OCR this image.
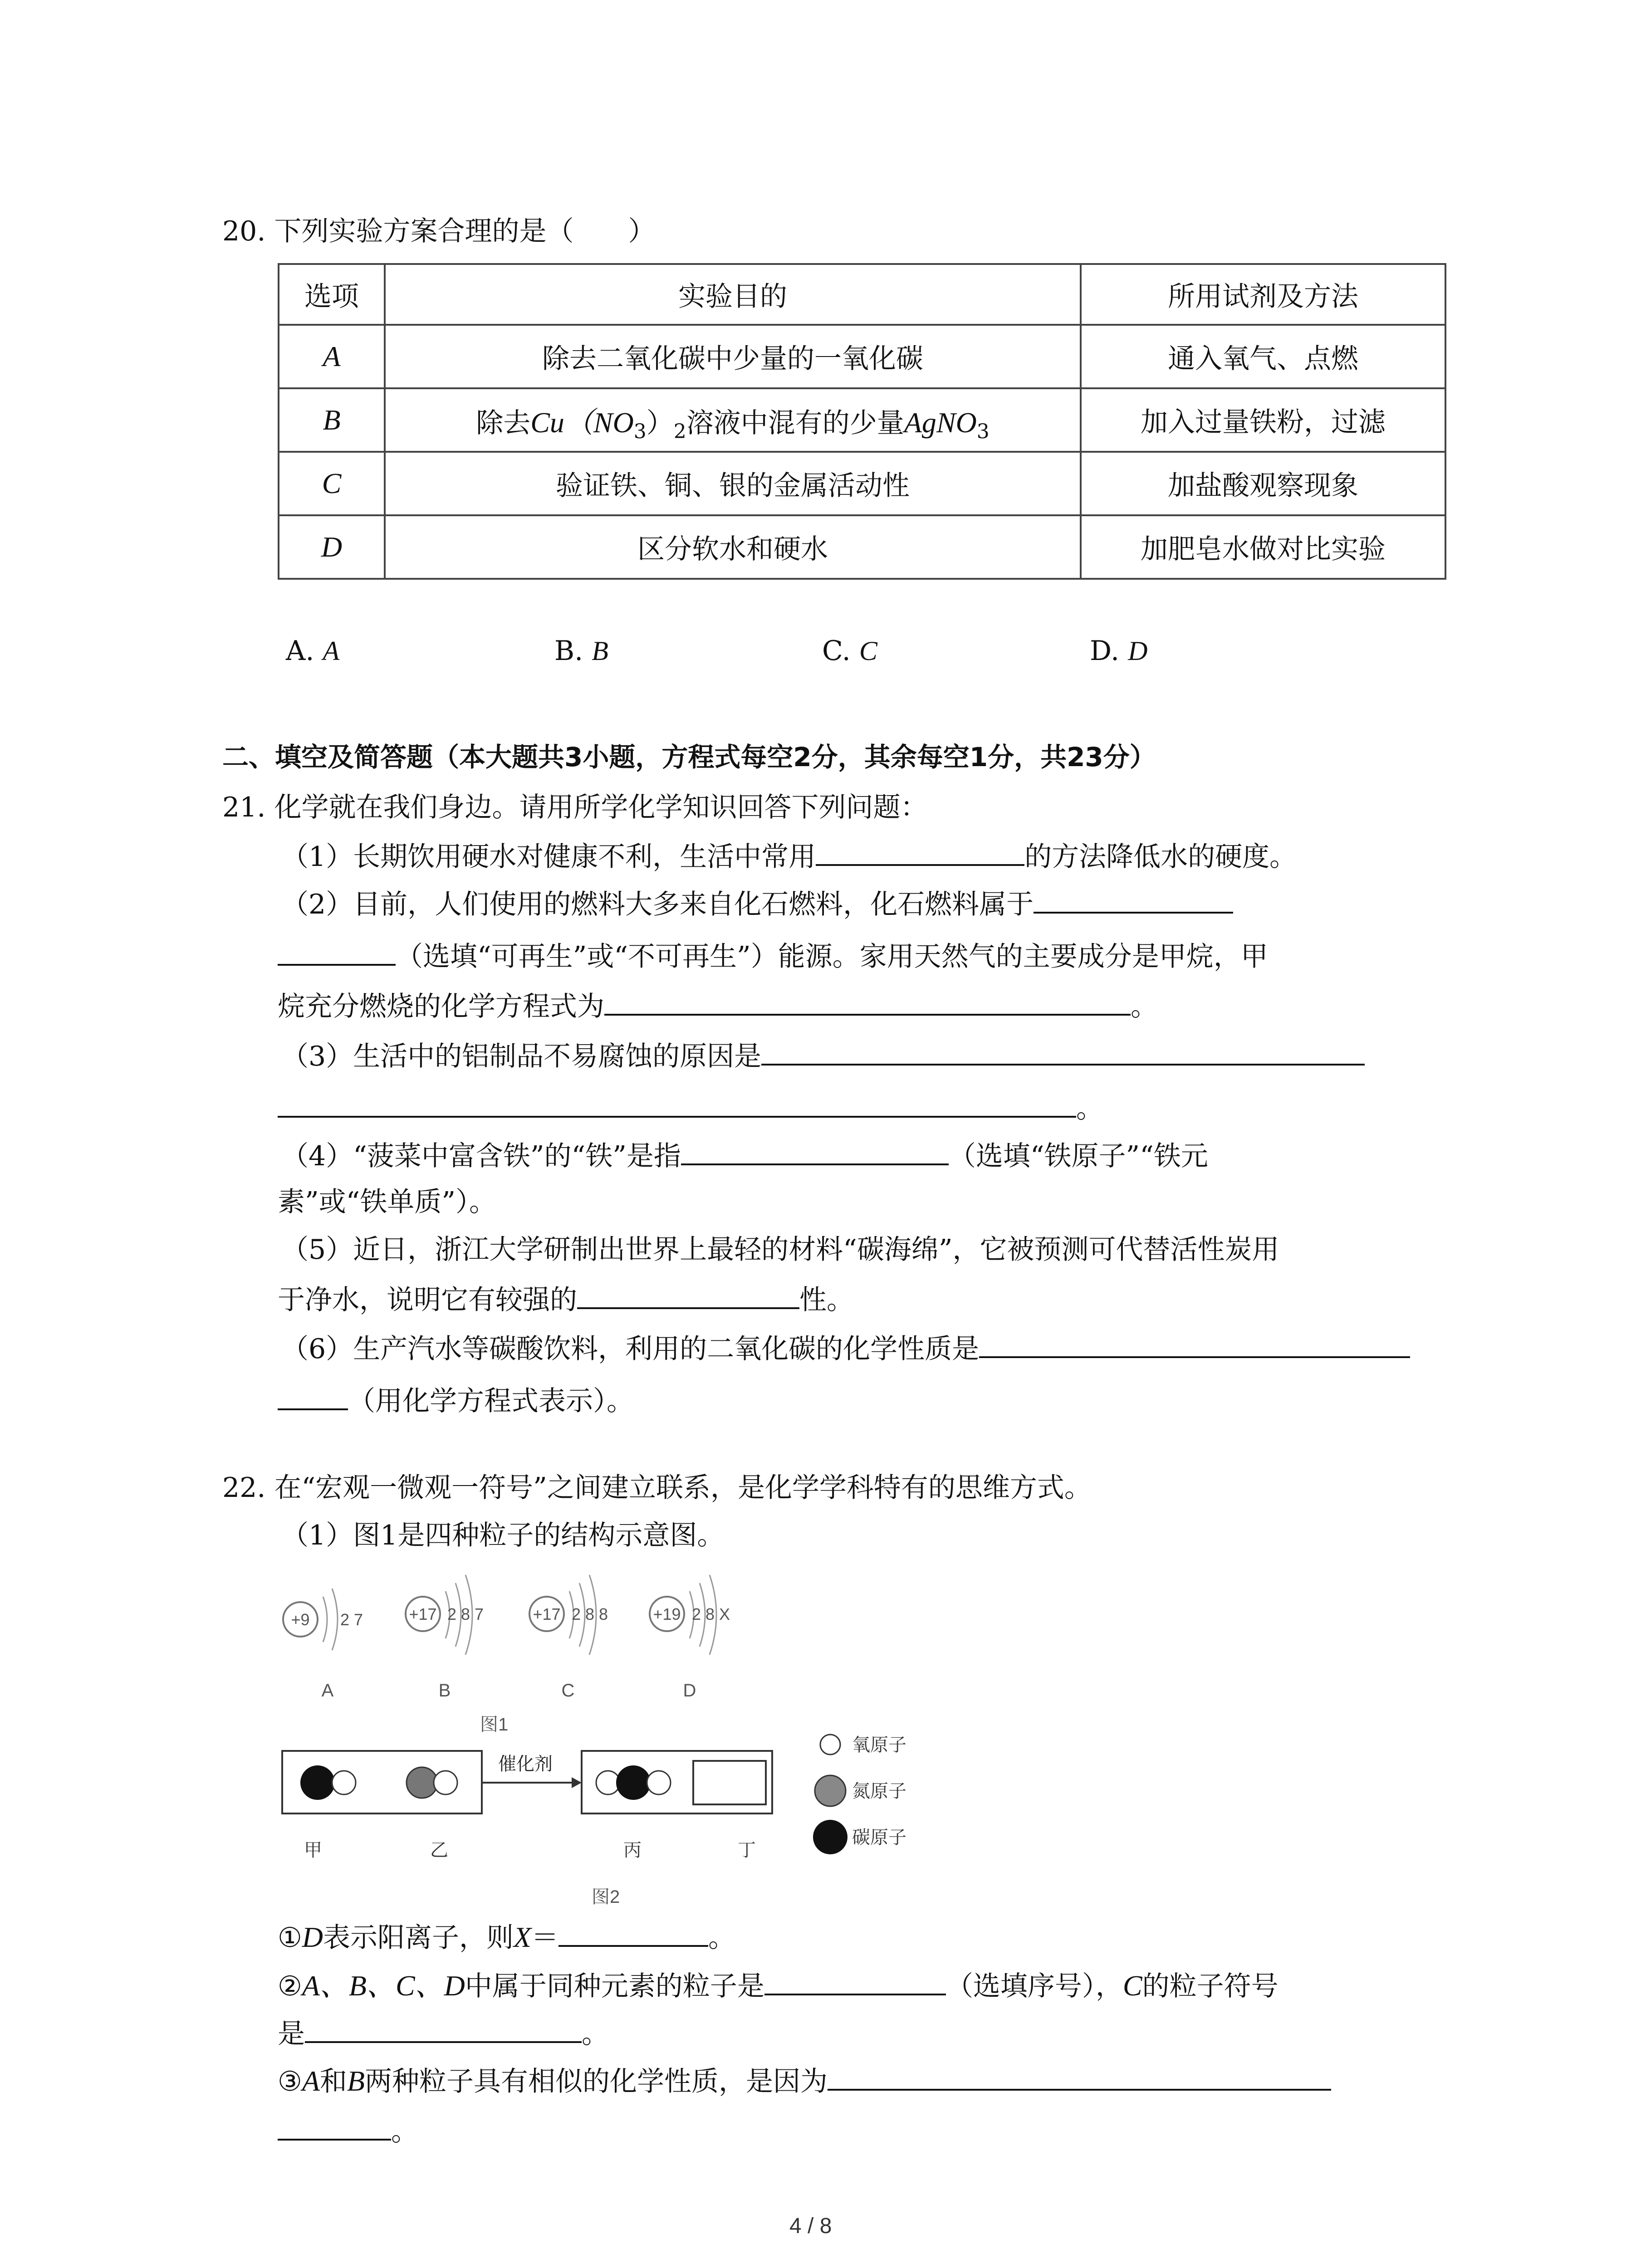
20. 下列实验方案合理的是（　　）
选项	实验目的	所用试剂及方法
A	除去二氧化碳中少量的一氧化碳	通入氧气、点燃
B	除去$Cu(NO_3)_2$溶液中混有的少量AgNO$_3$	加入过量铁粉，过滤
C	验证铁、铜、银的金属活动性	加盐酸观察现象
D	区分软水和硬水	加肥皂水做对比实验
A. A	B. B	C. C	D. D
二、填空及简答题（本大题共3小题，方程式每空2分，其余每空1分，共23分）
21. 化学就在我们身边。请用所学化学知识回答下列问题：
（1）长期饮用硬水对健康不利，生活中常用	的方法降低水的硬度。
（2）目前，人们使用的燃料大多来自化石燃料，化石燃料属于
（选填“可再生”或“不可再生”）能源。家用天然气的主要成分是甲烷，甲
烷充分燃烧的化学方程式为	。
（3）生活中的铝制品不易腐蚀的原因是
。
（4）“菠菜中富含铁”的“铁”是指	（选填“铁原子”“铁元
素”或“铁单质”）。
（5）近日，浙江大学研制出世界上最轻的材料“碳海绵”，它被预测可代替活性炭用
于净水，说明它有较强的	性。
（6）生产汽水等碳酸饮料，利用的二氧化碳的化学性质是
（用化学方程式表示）。
22. 在“宏观一微观一符号”之间建立联系，是化学学科特有的思维方式。
（1）图1是四种粒子的结构示意图。
+9 2 7
A
+17 2 8 7
B
+17 2 8 8
C
+19 2 8 X
D
图1
催化剂
甲	乙	丙	丁
氧原子
氮原子
碳原子
图2
①D表示阳离子，则X＝	。
②A、B、C、D中属于同种元素的粒子是	（选填序号），C的粒子符号
是	。
③A和B两种粒子具有相似的化学性质，是因为
。
4 / 8
